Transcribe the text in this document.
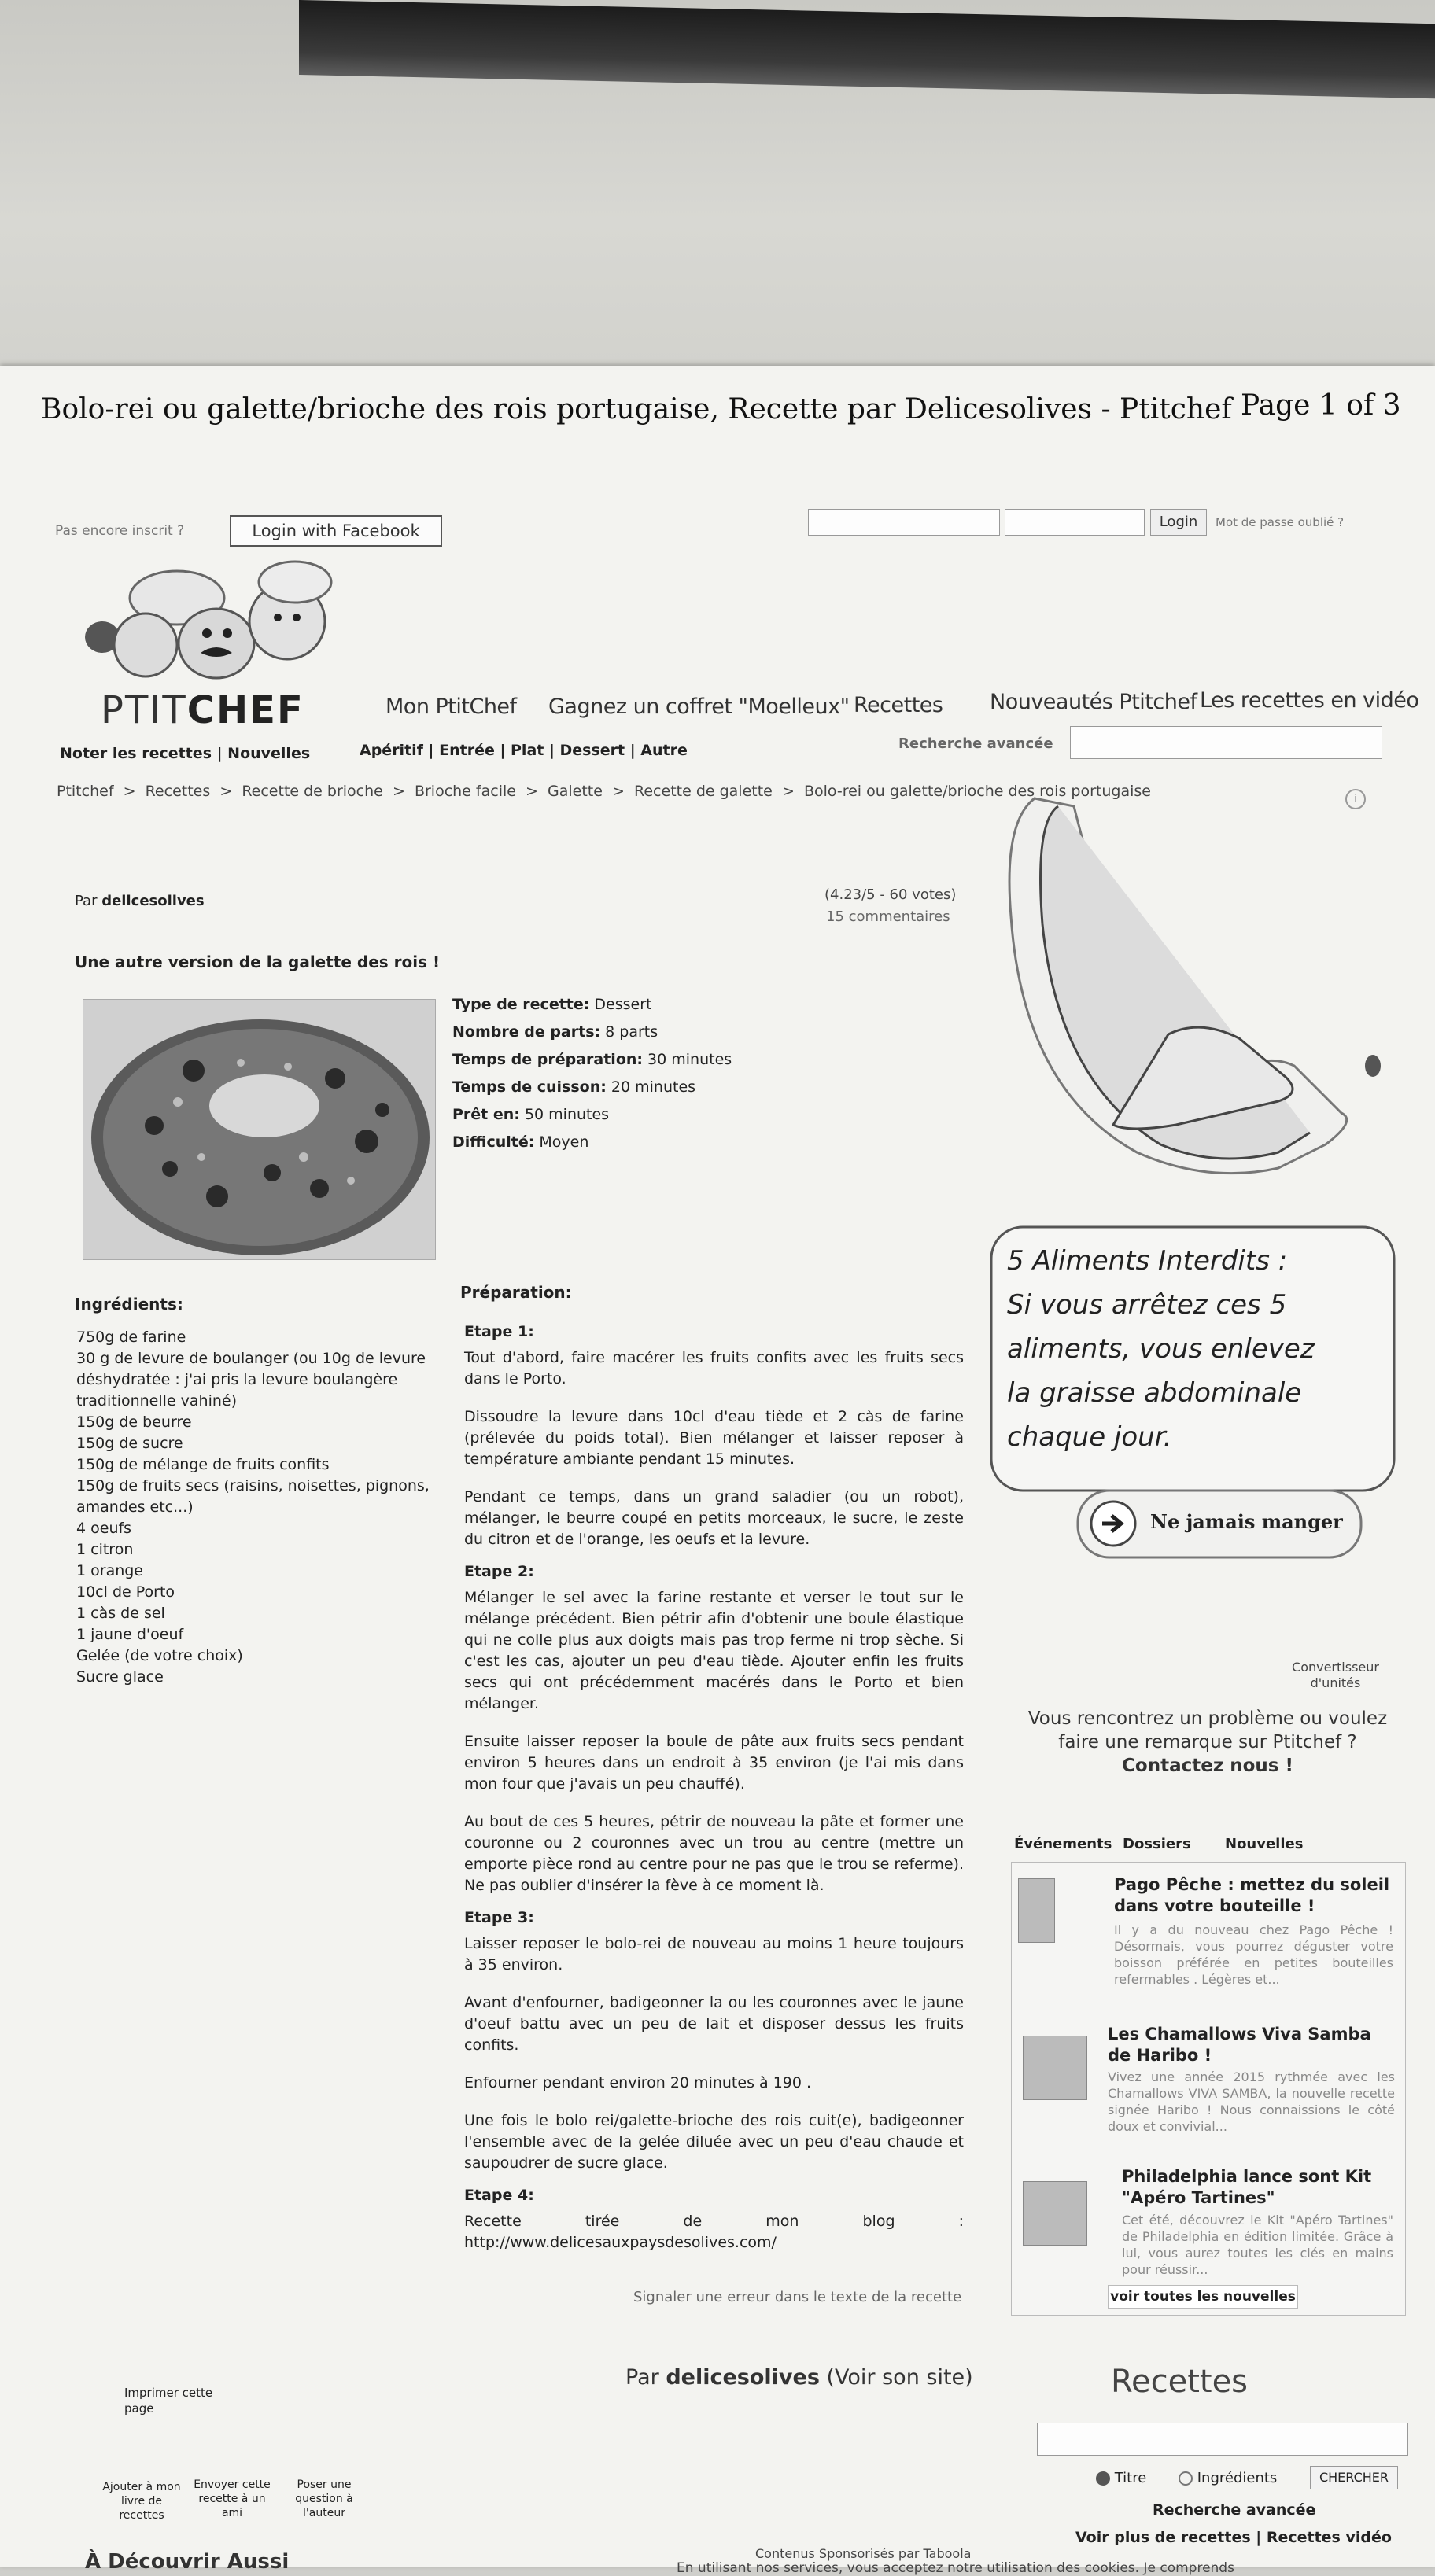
Bolo-rei ou galette/brioche des rois portugaise, Recette par Delicesolives - Ptitchef Page 1 of 3
Pas encore inscrit ?	Login with Facebook	Login	Mot de passe oublié ?
PTITCHEF	Mon PtitChef Gagnez un coffret "Moelleux" Recettes Nouveautés Ptitchef Les recettes en vidéo
Noter les recettes | Nouvelles	Apéritif | Entrée | Plat | Dessert | Autre	Recherche avancée
Ptitchef  >  Recettes  >  Recette de brioche  >  Brioche facile  >  Galette  >  Recette de galette  >  Bolo-rei ou galette/brioche des rois portugaise	i
Par delicesolives	(4.23/5 - 60 votes)
15 commentaires
Une autre version de la galette des rois !
Type de recette: Dessert
Nombre de parts: 8 parts
Temps de préparation: 30 minutes
Temps de cuisson: 20 minutes
Prêt en: 50 minutes
Difficulté: Moyen
Ingrédients:
750g de farine
30 g de levure de boulanger (ou 10g de levure
déshydratée : j'ai pris la levure boulangère
traditionnelle vahiné)
150g de beurre
150g de sucre
150g de mélange de fruits confits
150g de fruits secs (raisins, noisettes, pignons,
amandes etc...)
4 oeufs
1 citron
1 orange
10cl de Porto
1 càs de sel
1 jaune d'oeuf
Gelée (de votre choix)
Sucre glace
Préparation:
Etape 1:

Tout d'abord, faire macérer les fruits confits avec les fruits secs dans le Porto.

Dissoudre la levure dans 10cl d'eau tiède et 2 càs de farine (prélevée du poids total). Bien mélanger et laisser reposer à température ambiante pendant 15 minutes.

Pendant ce temps, dans un grand saladier (ou un robot), mélanger, le beurre coupé en petits morceaux, le sucre, le zeste du citron et de l'orange, les oeufs et la levure.

Etape 2:

Mélanger le sel avec la farine restante et verser le tout sur le mélange précédent. Bien pétrir afin d'obtenir une boule élastique qui ne colle plus aux doigts mais pas trop ferme ni trop sèche. Si c'est les cas, ajouter un peu d'eau tiède. Ajouter enfin les fruits secs qui ont précédemment macérés dans le Porto et bien mélanger.

Ensuite laisser reposer la boule de pâte aux fruits secs pendant environ 5 heures dans un endroit à 35 environ (je l'ai mis dans mon four que j'avais un peu chauffé).

Au bout de ces 5 heures, pétrir de nouveau la pâte et former une couronne ou 2 couronnes avec un trou au centre (mettre un emporte pièce rond au centre pour ne pas que le trou se referme). Ne pas oublier d'insérer la fève à ce moment là.

Etape 3:

Laisser reposer le bolo-rei de nouveau au moins 1 heure toujours à 35 environ.

Avant d'enfourner, badigeonner la ou les couronnes avec le jaune d'oeuf battu avec un peu de lait et disposer dessus les fruits confits.

Enfourner pendant environ 20 minutes à 190 .

Une fois le bolo rei/galette-brioche des rois cuit(e), badigeonner l'ensemble avec de la gelée diluée avec un peu d'eau chaude et saupoudrer de sucre glace.

Etape 4:

Recette tirée de mon blog : http://www.delicesauxpaysdesolives.com/

Signaler une erreur dans le texte de la recette
5 Aliments Interdits :
Si vous arrêtez ces 5
aliments, vous enlevez
la graisse abdominale
chaque jour.
Ne jamais manger
Convertisseur d'unités
Vous rencontrez un problème ou voulez
faire une remarque sur Ptitchef ?
Contactez nous !
Événements Dossiers Nouvelles
Pago Pêche : mettez du soleil dans votre bouteille !
Il y a du nouveau chez Pago Pêche ! Désormais, vous pourrez déguster votre boisson préférée en petites bouteilles refermables . Légères et...
Les Chamallows Viva Samba de Haribo !
Vivez une année 2015 rythmée avec les Chamallows VIVA SAMBA, la nouvelle recette signée Haribo ! Nous connaissions le côté doux et convivial...
Philadelphia lance sont Kit "Apéro Tartines"
Cet été, découvrez le Kit "Apéro Tartines" de Philadelphia en édition limitée. Grâce à lui, vous aurez toutes les clés en mains pour réussir...
voir toutes les nouvelles
Imprimer cette page
Par delicesolives (Voir son site)	Recettes
Titre	Ingrédients	CHERCHER
Recherche avancée
Voir plus de recettes | Recettes vidéo
Ajouter à mon livre de recettes
Envoyer cette recette à un ami
Poser une question à l'auteur
À Découvrir Aussi	Contenus Sponsorisés par Taboola
En utilisant nos services, vous acceptez notre utilisation des cookies. Je comprends
